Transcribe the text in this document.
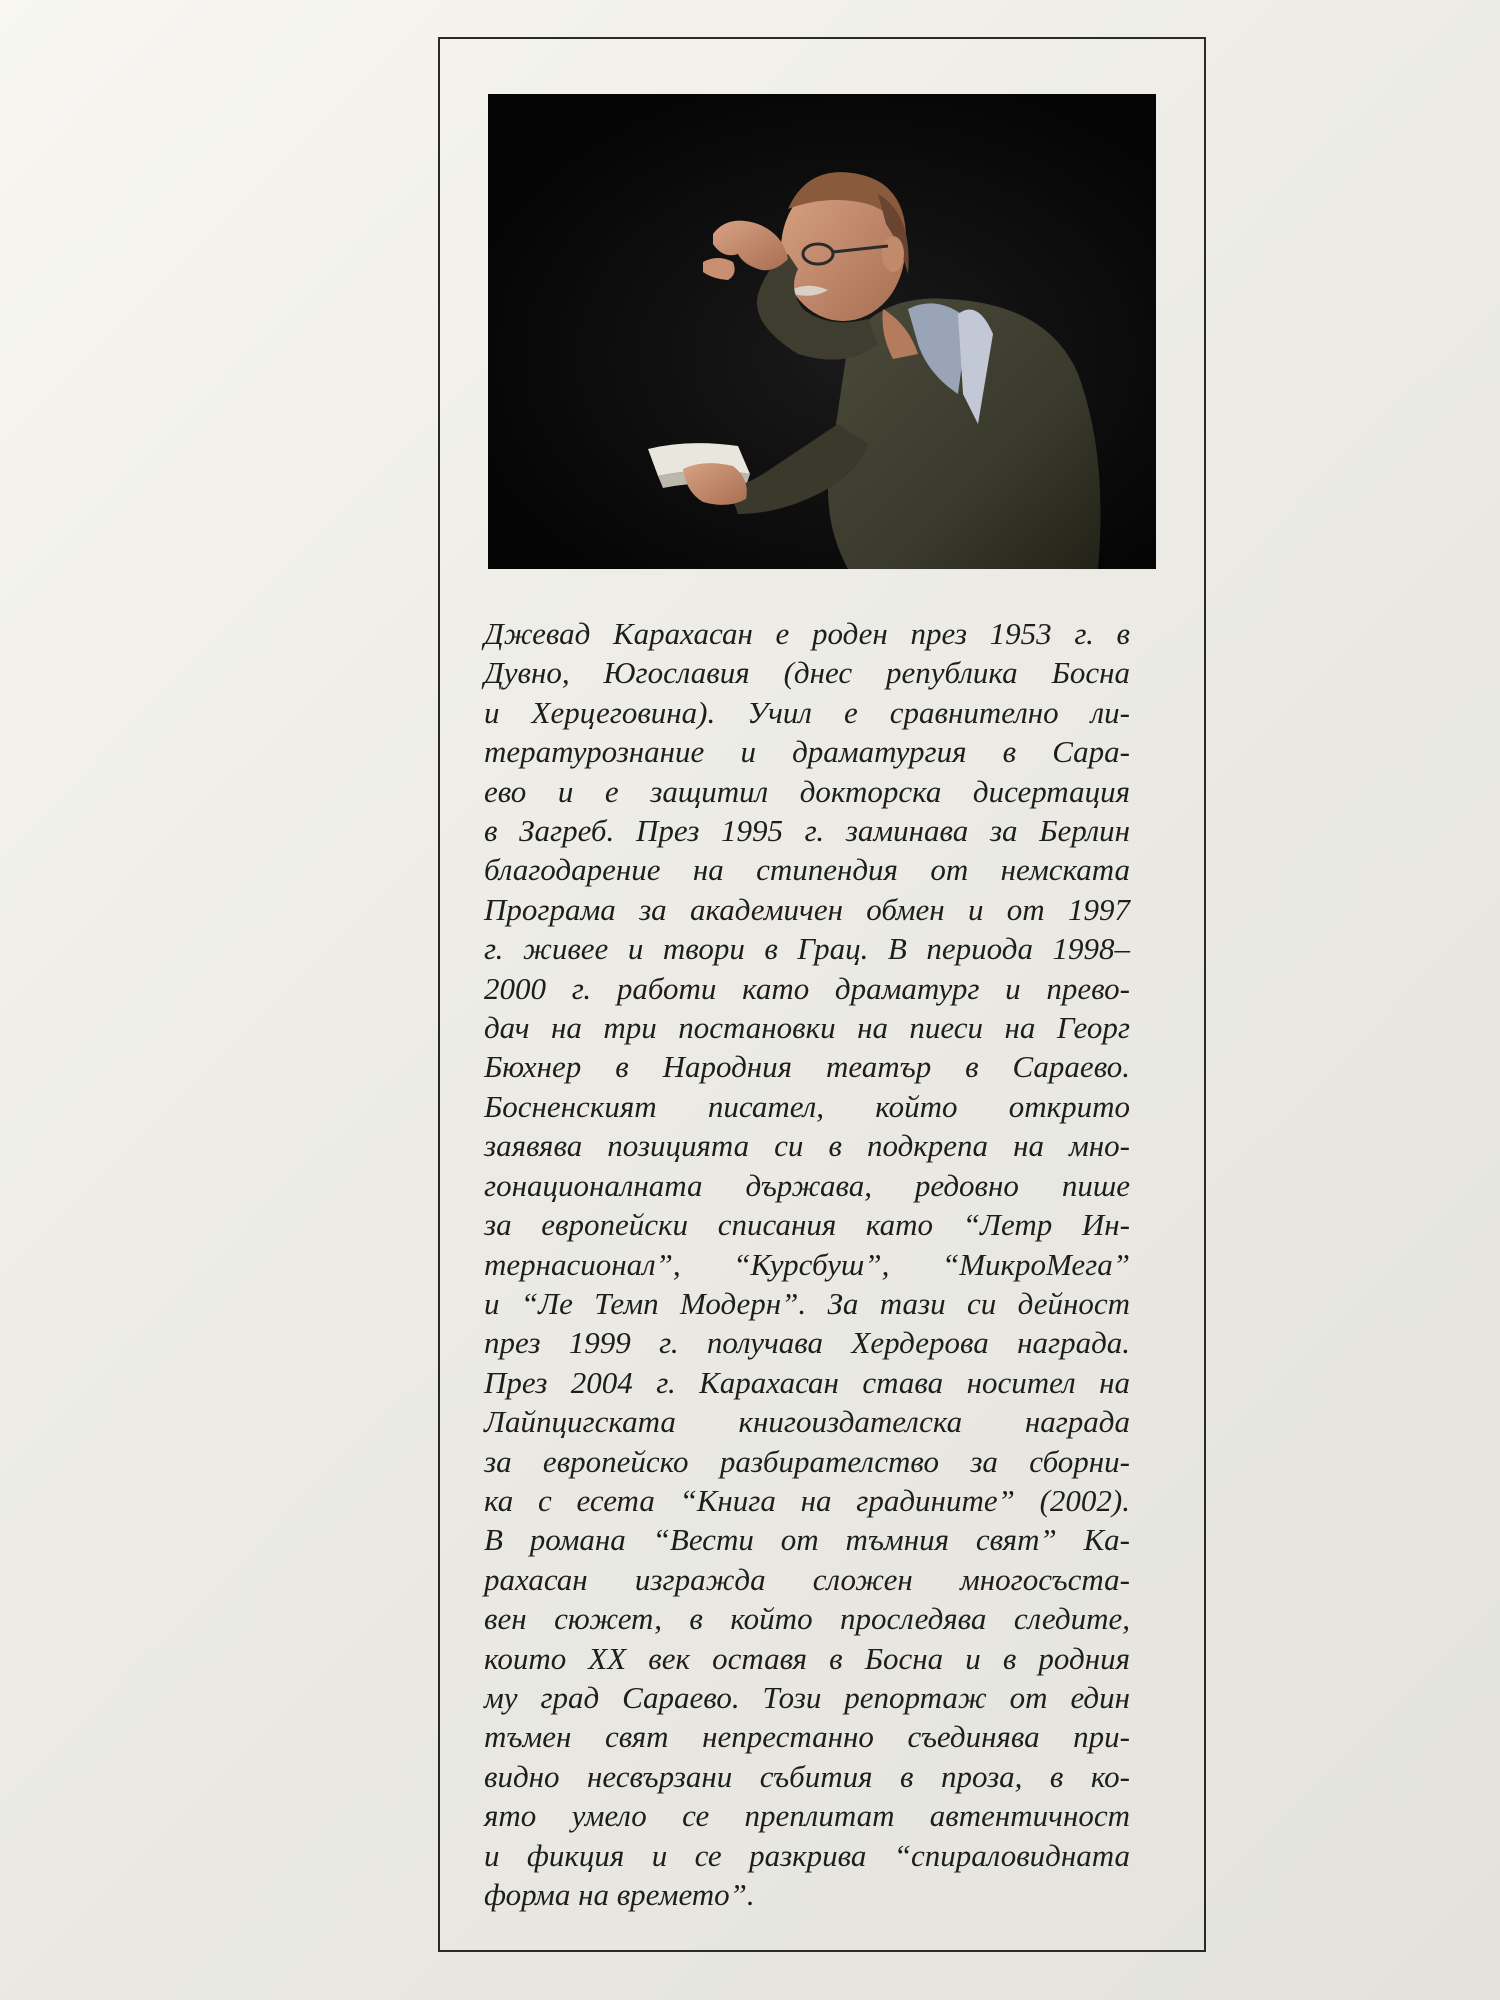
Джевад Карахасан е роден през 1953 г. в
Дувно, Югославия (днес република Босна
и Херцеговина). Учил е сравнително ли-
тературознание и драматургия в Сара-
ево и е защитил докторска дисертация
в Загреб. През 1995 г. заминава за Берлин
благодарение на стипендия от немската
Програма за академичен обмен и от 1997
г. живее и твори в Грац. В периода 1998–
2000 г. работи като драматург и прево-
дач на три постановки на пиеси на Георг
Бюхнер в Народния театър в Сараево.
Босненският писател, който открито
заявява позицията си в подкрепа на мно-
гонационалната държава, редовно пише
за европейски списания като “Летр Ин-
тернасионал”, “Курсбуш”, “МикроМега”
и “Ле Темп Модерн”. За тази си дейност
през 1999 г. получава Хердерова награда.
През 2004 г. Карахасан става носител на
Лайпцигската книгоиздателска награда
за европейско разбирателство за сборни-
ка с есета “Книга на градините” (2002).
В романа “Вести от тъмния свят” Ка-
рахасан изгражда сложен многосъста-
вен сюжет, в който проследява следите,
които XX век оставя в Босна и в родния
му град Сараево. Този репортаж от един
тъмен свят непрестанно съединява при-
видно несвързани събития в проза, в ко-
ято умело се преплитат автентичност
и фикция и се разкрива “спираловидната
форма на времето”.
